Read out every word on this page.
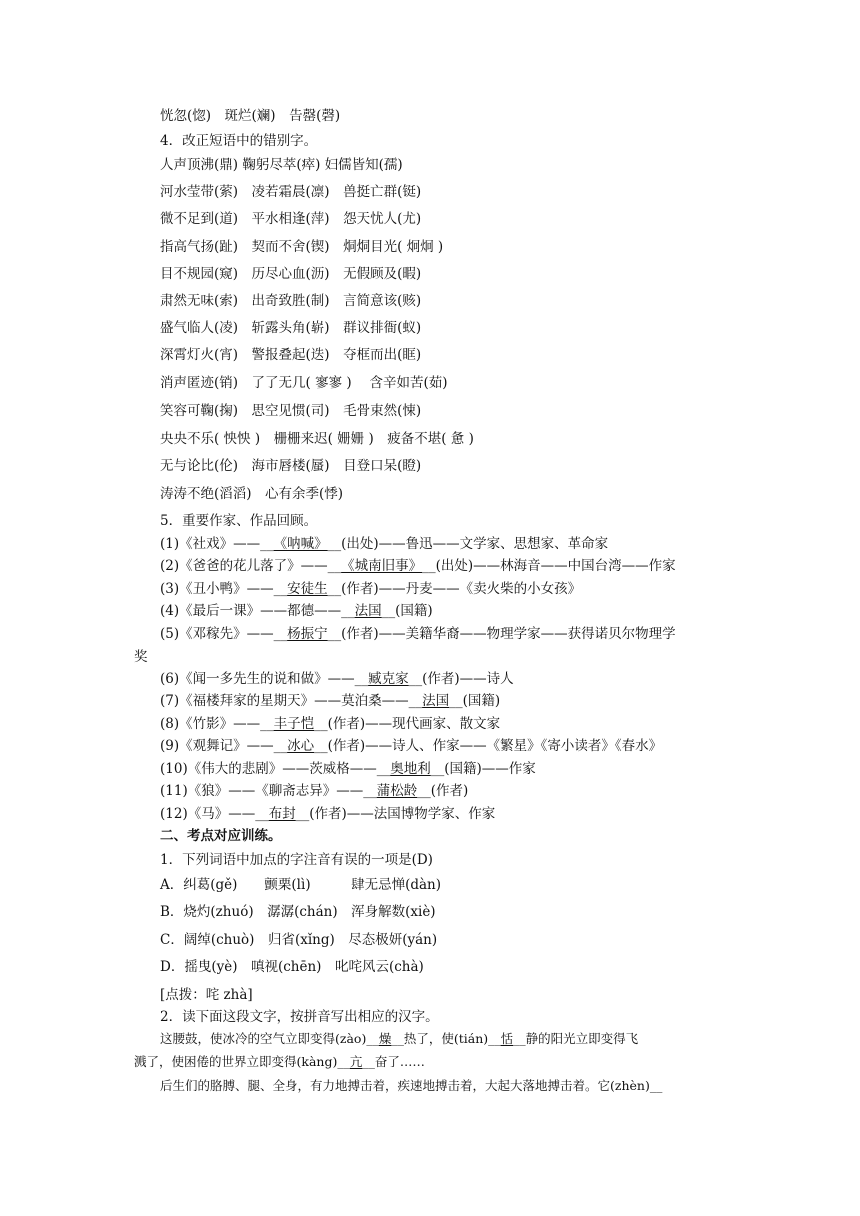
恍忽(惚)　斑烂(斓)　告罄(磬)
4．改正短语中的错别字。
人声顶沸(鼎) 鞠躬尽萃(瘁) 妇儒皆知(孺)
河水莹带(萦)　凌若霜晨(凛)　兽挺亡群(铤)
微不足到(道)　平水相逢(萍)　怨天忧人(尤)
指高气扬(趾)　契而不舍(锲)　烔烔目光( 炯炯 )
目不规园(窥)　历尽心血(沥)　无假顾及(暇)
肃然无味(索)　出奇致胜(制)　言简意该(赅)
盛气临人(凌)　斩露头角(崭)　群议排衙(蚁)
深霄灯火(宵)　警报叠起(迭)　夺框而出(眶)
消声匿迹(销)　了了无几( 寥寥 )　 含辛如苦(茹)
笑容可鞠(掬)　思空见惯(司)　毛骨束然(悚)
央央不乐( 怏怏 )　栅栅来迟( 姗姗 )　疲备不堪( 惫 )
无与论比(伦)　海市唇楼(蜃)　目登口呆(瞪)
涛涛不绝(滔滔)　心有余季(悸)
5．重要作家、作品回顾。
(1)《社戏》——__《呐喊》__(出处)——鲁迅——文学家、思想家、革命家
(2)《爸爸的花儿落了》——__《城南旧事》__(出处)——林海音——中国台湾——作家
(3)《丑小鸭》——__安徒生__(作者)——丹麦——《卖火柴的小女孩》
(4)《最后一课》——都德——__法国__(国籍)
(5)《邓稼先》——__杨振宁__(作者)——美籍华裔——物理学家——获得诺贝尔物理学
奖
(6)《闻一多先生的说和做》——__臧克家__(作者)——诗人
(7)《福楼拜家的星期天》——莫泊桑——__法国__(国籍)
(8)《竹影》——__丰子恺__(作者)——现代画家、散文家
(9)《观舞记》——__冰心__(作者)——诗人、作家——《繁星》《寄小读者》《春水》
(10)《伟大的悲剧》——茨威格——__奥地利__(国籍)——作家
(11)《狼》——《聊斋志异》——__蒲松龄__(作者)
(12)《马》——__布封__(作者)——法国博物学家、作家
二、考点对应训练。
1．下列词语中加点的字注音有误的一项是(D)
A．纠葛(gě)　　颤栗(lì)　　　肆无忌惮(dàn)
B．烧灼(zhuó)　潺潺(chán)　浑身解数(xiè)
C．阔绰(chuò)　归省(xǐng)　尽态极妍(yán)
D．摇曳(yè)　嗔视(chēn)　叱咤风云(chà)
[点拨：咤 zhà]
2．读下面这段文字，按拼音写出相应的汉字。
这腰鼓，使冰冷的空气立即变得(zào)__燥__热了，使(tián)__恬__静的阳光立即变得飞
溅了，使困倦的世界立即变得(kàng)__亢__奋了……
后生们的胳膊、腿、全身，有力地搏击着，疾速地搏击着，大起大落地搏击着。它(zhèn)__
